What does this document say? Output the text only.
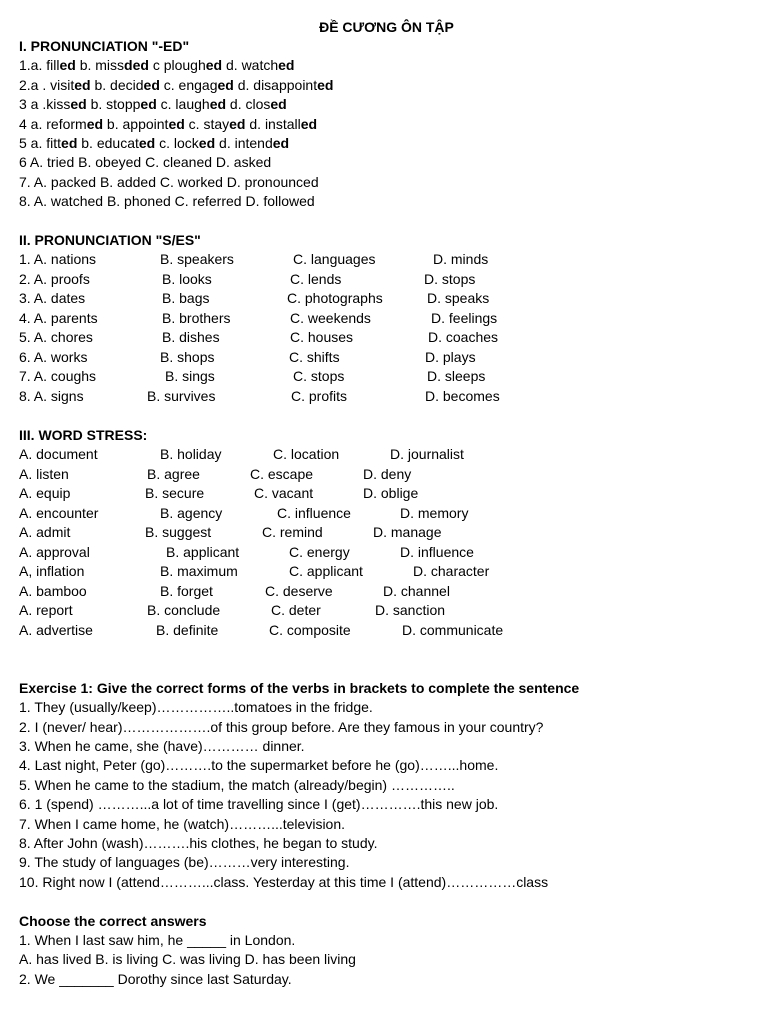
ĐỀ CƯƠNG ÔN TẬP
I. PRONUNCIATION "-ED"
1.a. filled b. missded c ploughed d. watched
2.a . visited b. decided c. engaged d. disappointed
3 a .kissed b. stopped c. laughed d. closed
4 a. reformed b. appointed c. stayed d. installed
5 a. fitted b. educated c. locked d. intended
6 A. tried B. obeyed C. cleaned D. asked
7. A. packed B. added C. worked D. pronounced
8. A. watched B. phoned C. referred D. followed
II. PRONUNCIATION "S/ES"
1. A. nations	B. speakers	C. languages	D. minds
2. A. proofs	B. looks	C. lends	D. stops
3. A. dates	B. bags	C. photographs	D. speaks
4. A. parents	B. brothers	C. weekends	D. feelings
5. A. chores	B. dishes	C. houses	D. coaches
6. A. works	B. shops	C. shifts	D. plays
7. A. coughs	B. sings	C. stops	D. sleeps
8. A. signs	B. survives	C. profits	D. becomes
III. WORD STRESS:
A. document	B. holiday	C. location	D. journalist
A. listen	B. agree	C. escape	D. deny
A. equip	B. secure	C. vacant	D. oblige
A. encounter	B. agency	C. influence	D. memory
A. admit	B. suggest	C. remind	D. manage
A. approval	B. applicant	C. energy	D. influence
A, inflation	B. maximum	C. applicant	D. character
A. bamboo	B. forget	C. deserve	D. channel
A. report	B. conclude	C. deter	D. sanction
A. advertise	B. definite	C. composite	D. communicate
Exercise 1: Give the correct forms of the verbs in brackets to complete the sentence
1. They (usually/keep)……………..tomatoes in the fridge.
2. I (never/ hear)……………….of this group before. Are they famous in your country?
3. When he came, she (have)………… dinner.
4. Last night, Peter (go)……….to the supermarket before he (go)……...home.
5. When he came to the stadium, the match (already/begin) …………..
6. 1 (spend) ………...a lot of time travelling since I (get)………….this new job.
7. When I came home, he (watch)………...television.
8. After John (wash)……….his clothes, he began to study.
9. The study of languages (be)………very interesting.
10. Right now I (attend………...class. Yesterday at this time I (attend)……………class
Choose the correct answers
1. When I last saw him, he _____ in London.
A. has lived B. is living C. was living D. has been living
2. We _______ Dorothy since last Saturday.
